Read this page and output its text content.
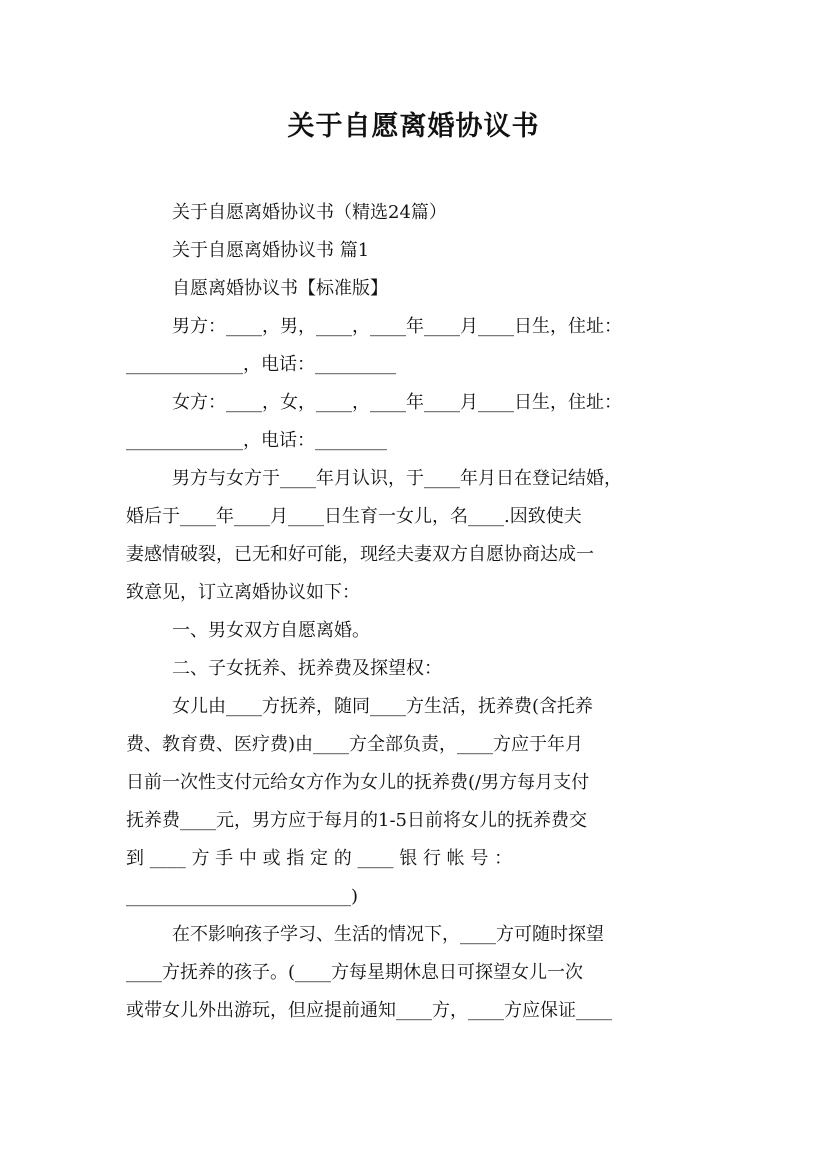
关于自愿离婚协议书
关于自愿离婚协议书（精选24篇）
关于自愿离婚协议书 篇1
自愿离婚协议书【标准版】
男方：____，男，____，____年____月____日生，住址：
_____________，电话：_________
女方：____，女，____，____年____月____日生，住址：
_____________，电话：________
男方与女方于____年月认识，于____年月日在登记结婚，
婚后于____年____月____日生育一女儿，名____.因致使夫
妻感情破裂，已无和好可能，现经夫妻双方自愿协商达成一
致意见，订立离婚协议如下：
一、男女双方自愿离婚。
二、子女抚养、抚养费及探望权：
女儿由____方抚养，随同____方生活，抚养费(含托养
费、教育费、医疗费)由____方全部负责，____方应于年月
日前一次性支付元给女方作为女儿的抚养费(/男方每月支付
抚养费____元，男方应于每月的1-5日前将女儿的抚养费交
到 ____ 方 手 中 或 指 定 的 ____ 银 行 帐 号 ：
_________________________)
在不影响孩子学习、生活的情况下，____方可随时探望
____方抚养的孩子。(____方每星期休息日可探望女儿一次
或带女儿外出游玩，但应提前通知____方，____方应保证____
